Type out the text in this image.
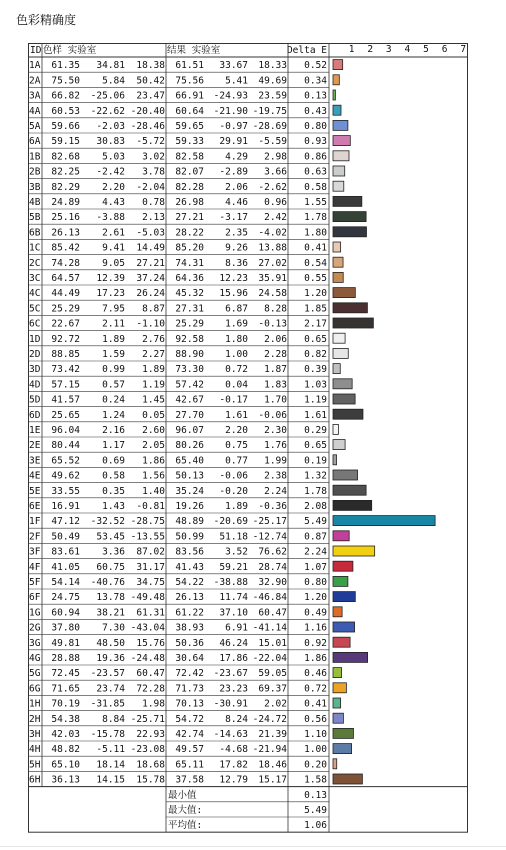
色彩精确度
ID 色样 实验室	结果 实验室	Delta E 1 2 3 4 5 6 7
1A 61.35 34.81 18.38 61.51 33.67 18.33 0.52
2A 75.50 5.84 50.42 75.56 5.41 49.69 0.34
3A 66.82 -25.06 23.47 66.91 -24.93 23.59 0.13
4A 60.53 -22.62 -20.40 60.64 -21.90 -19.75 0.43
5A 59.66 -2.03 -28.46 59.65 -0.97 -28.69 0.80
6A 59.15 30.83 -5.72 59.33 29.91 -5.59 0.93
1B 82.68 5.03 3.02 82.58 4.29 2.98 0.86
2B 82.25 -2.42 3.78 82.07 -2.89 3.66 0.63
3B 82.29 2.20 -2.04 82.28 2.06 -2.62 0.58
4B 24.89 4.43 0.78 26.98 4.46 0.96 1.55
5B 25.16 -3.88 2.13 27.21 -3.17 2.42 1.78
6B 26.13 2.61 -5.03 28.22 2.35 -4.02 1.80
1C 85.42 9.41 14.49 85.20 9.26 13.88 0.41
2C 74.28 9.05 27.21 74.31 8.36 27.02 0.54
3C 64.57 12.39 37.24 64.36 12.23 35.91 0.55
4C 44.49 17.23 26.24 45.32 15.96 24.58 1.20
5C 25.29 7.95 8.87 27.31 6.87 8.28 1.85
6C 22.67 2.11 -1.10 25.29 1.69 -0.13 2.17
1D 92.72 1.89 2.76 92.58 1.80 2.06 0.65
2D 88.85 1.59 2.27 88.90 1.00 2.28 0.82
3D 73.42 0.99 1.89 73.30 0.72 1.87 0.39
4D 57.15 0.57 1.19 57.42 0.04 1.83 1.03
5D 41.57 0.24 1.45 42.67 -0.17 1.70 1.19
6D 25.65 1.24 0.05 27.70 1.61 -0.06 1.61
1E 96.04 2.16 2.60 96.07 2.20 2.30 0.29
2E 80.44 1.17 2.05 80.26 0.75 1.76 0.65
3E 65.52 0.69 1.86 65.40 0.77 1.99 0.19
4E 49.62 0.58 1.56 50.13 -0.06 2.38 1.32
5E 33.55 0.35 1.40 35.24 -0.20 2.24 1.78
6E 16.91 1.43 -0.81 19.26 1.89 -0.36 2.08
1F 47.12 -32.52 -28.75 48.89 -20.69 -25.17 5.49
2F 50.49 53.45 -13.55 50.99 51.18 -12.74 0.87
3F 83.61 3.36 87.02 83.56 3.52 76.62 2.24
4F 41.05 60.75 31.17 41.43 59.21 28.74 1.07
5F 54.14 -40.76 34.75 54.22 -38.88 32.90 0.80
6F 24.75 13.78 -49.48 26.13 11.74 -46.84 1.20
1G 60.94 38.21 61.31 61.22 37.10 60.47 0.49
2G 37.80 7.30 -43.04 38.93 6.91 -41.14 1.16
3G 49.81 48.50 15.76 50.36 46.24 15.01 0.92
4G 28.88 19.36 -24.48 30.64 17.86 -22.04 1.86
5G 72.45 -23.57 60.47 72.42 -23.67 59.05 0.46
6G 71.65 23.74 72.28 71.73 23.23 69.37 0.72
1H 70.19 -31.85 1.98 70.13 -30.91 2.02 0.41
2H 54.38 8.84 -25.71 54.72 8.24 -24.72 0.56
3H 42.03 -15.78 22.93 42.74 -14.63 21.39 1.10
4H 48.82 -5.11 -23.08 49.57 -4.68 -21.94 1.00
5H 65.10 18.14 18.68 65.11 17.82 18.46 0.20
6H 36.13 14.15 15.78 37.58 12.79 15.17 1.58
最小值	0.13
最大值:	5.49
平均值:	1.06
